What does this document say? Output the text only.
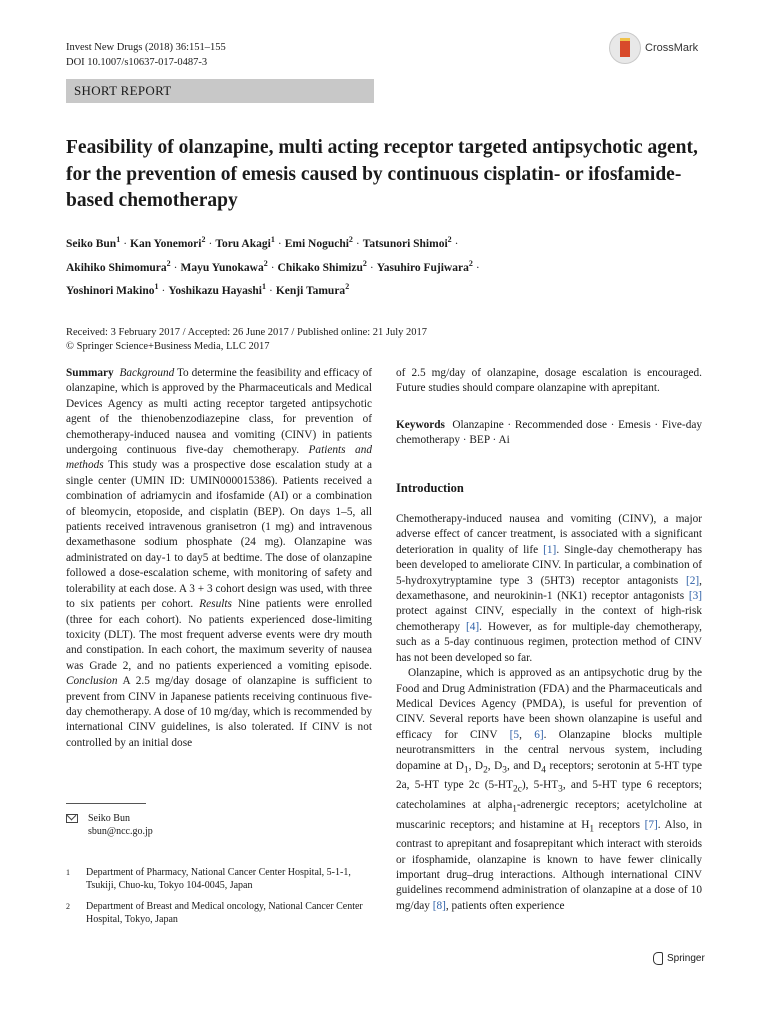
Invest New Drugs (2018) 36:151–155
DOI 10.1007/s10637-017-0487-3
CrossMark
SHORT REPORT
Feasibility of olanzapine, multi acting receptor targeted antipsychotic agent, for the prevention of emesis caused by continuous cisplatin- or ifosfamide-based chemotherapy
Seiko Bun$^1$ · Kan Yonemori$^2$ · Toru Akagi$^1$ · Emi Noguchi$^2$ · Tatsunori Shimoi$^2$ ·
Akihiko Shimomura$^2$ · Mayu Yunokawa$^2$ · Chikako Shimizu$^2$ · Yasuhiro Fujiwara$^2$ ·
Yoshinori Makino$^1$ · Yoshikazu Hayashi$^1$ · Kenji Tamura$^2$
Received: 3 February 2017 / Accepted: 26 June 2017 / Published online: 21 July 2017
© Springer Science+Business Media, LLC 2017

Summary Background To determine the feasibility and efficacy of olanzapine, which is approved by the Pharmaceuticals and Medical Devices Agency as multi acting receptor targeted antipsychotic agent of the thienobenzodiazepine class, for prevention of chemotherapy-induced nausea and vomiting (CINV) in patients undergoing continuous five-day chemotherapy. Patients and methods This study was a prospective dose escalation study at a single center (UMIN ID: UMIN000015386). Patients received a combination of adriamycin and ifosfamide (AI) or a combination of bleomycin, etoposide, and cisplatin (BEP). On days 1–5, all patients received intravenous granisetron (1 mg) and intravenous dexamethasone sodium phosphate (24 mg). Olanzapine was administrated on day-1 to day5 at bedtime. The dose of olanzapine followed a dose-escalation scheme, with monitoring of safety and tolerability at each dose. A 3 + 3 cohort design was used, with three to six patients per cohort. Results Nine patients were enrolled (three for each cohort). No patients experienced dose-limiting toxicity (DLT). The most frequent adverse events were dry mouth and constipation. In each cohort, the maximum severity of nausea was Grade 2, and no patients experienced a vomiting episode. Conclusion A 2.5 mg/day dosage of olanzapine is sufficient to prevent from CINV in Japanese patients receiving continuous five-day chemotherapy. A dose of 10 mg/day, which is recommended by international CINV guidelines, is also tolerated. If CINV is not controlled by an initial dose

of 2.5 mg/day of olanzapine, dosage escalation is encouraged. Future studies should compare olanzapine with aprepitant.

Keywords Olanzapine · Recommended dose · Emesis · Five-day chemotherapy · BEP · Ai

Introduction

Chemotherapy-induced nausea and vomiting (CINV), a major adverse effect of cancer treatment, is associated with a significant deterioration in quality of life [1]. Single-day chemotherapy has been developed to ameliorate CINV. In particular, a combination of 5-hydroxytryptamine type 3 (5HT3) receptor antagonists [2], dexamethasone, and neurokinin-1 (NK1) receptor antagonists [3] protect against CINV, especially in the context of high-risk chemotherapy [4]. However, as for multiple-day chemotherapy, such as a 5-day continuous regimen, protection method of CINV has not been developed so far.

Olanzapine, which is approved as an antipsychotic drug by the Food and Drug Administration (FDA) and the Pharmaceuticals and Medical Devices Agency (PMDA), is useful for prevention of CINV. Several reports have been shown olanzapine is useful and efficacy for CINV [5, 6]. Olanzapine blocks multiple neurotransmitters in the central nervous system, including dopamine at $D_1$, $D_2$, $D_3$, and $D_4$ receptors; serotonin at 5-HT type 2a, 5-HT type 2c $(5-HT_{2c})$, $5-HT_3$, and 5-HT type 6 receptors; catecholamines at alpha$_1$-adrenergic receptors; acetylcholine at muscarinic receptors; and histamine at $H_1$ receptors [7]. Also, in contrast to aprepitant and fosaprepitant which interact with steroids or ifosphamide, olanzapine is known to have fewer clinically important drug–drug interactions. Although international CINV guidelines recommend administration of olanzapine at a dose of 10 mg/day [8], patients often experience

Seiko Bun
sbun@ncc.go.jp
1	Department of Pharmacy, National Cancer Center Hospital, 5-1-1, Tsukiji, Chuo-ku, Tokyo 104-0045, Japan
2	Department of Breast and Medical oncology, National Cancer Center Hospital, Tokyo, Japan
Springer
